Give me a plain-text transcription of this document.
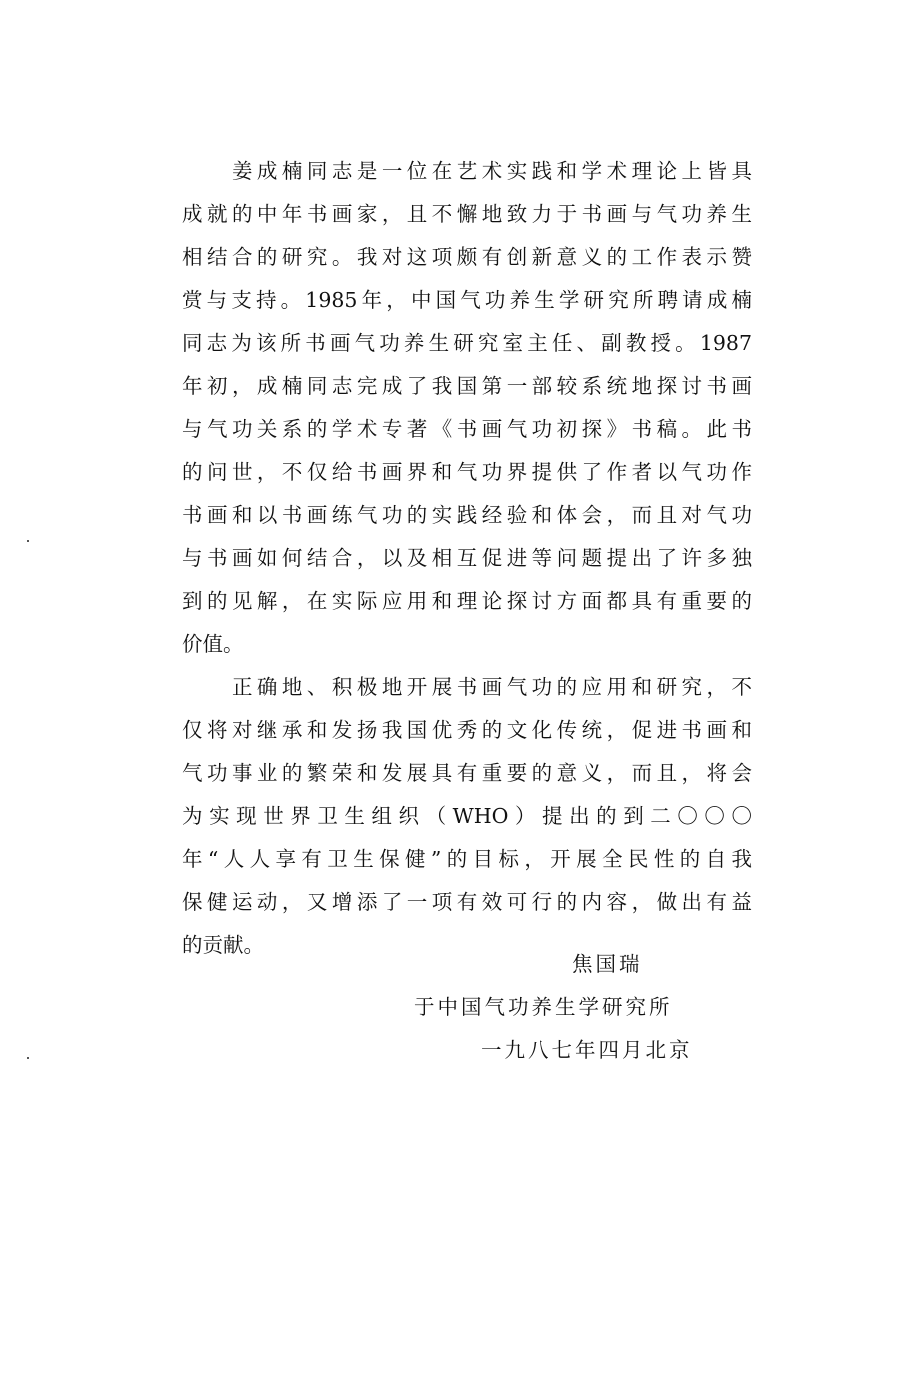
　　姜成楠同志是一位在艺术实践和学术理论上皆具
成就的中年书画家，且不懈地致力于书画与气功养生
相结合的研究。我对这项颇有创新意义的工作表示赞
赏与支持。1985年，中国气功养生学研究所聘请成楠
同志为该所书画气功养生研究室主任、副教授。1987
年初，成楠同志完成了我国第一部较系统地探讨书画
与气功关系的学术专著《书画气功初探》书稿。此书
的问世，不仅给书画界和气功界提供了作者以气功作
书画和以书画练气功的实践经验和体会，而且对气功
与书画如何结合，以及相互促进等问题提出了许多独
到的见解，在实际应用和理论探讨方面都具有重要的
价值。
　　正确地、积极地开展书画气功的应用和研究，不
仅将对继承和发扬我国优秀的文化传统，促进书画和
气功事业的繁荣和发展具有重要的意义，而且，将会
为实现世界卫生组织（WHO）提出的到二〇〇〇
年“人人享有卫生保健”的目标，开展全民性的自我
保健运动，又增添了一项有效可行的内容，做出有益
的贡献。
焦国瑞
于中国气功养生学研究所
一九八七年四月北京
